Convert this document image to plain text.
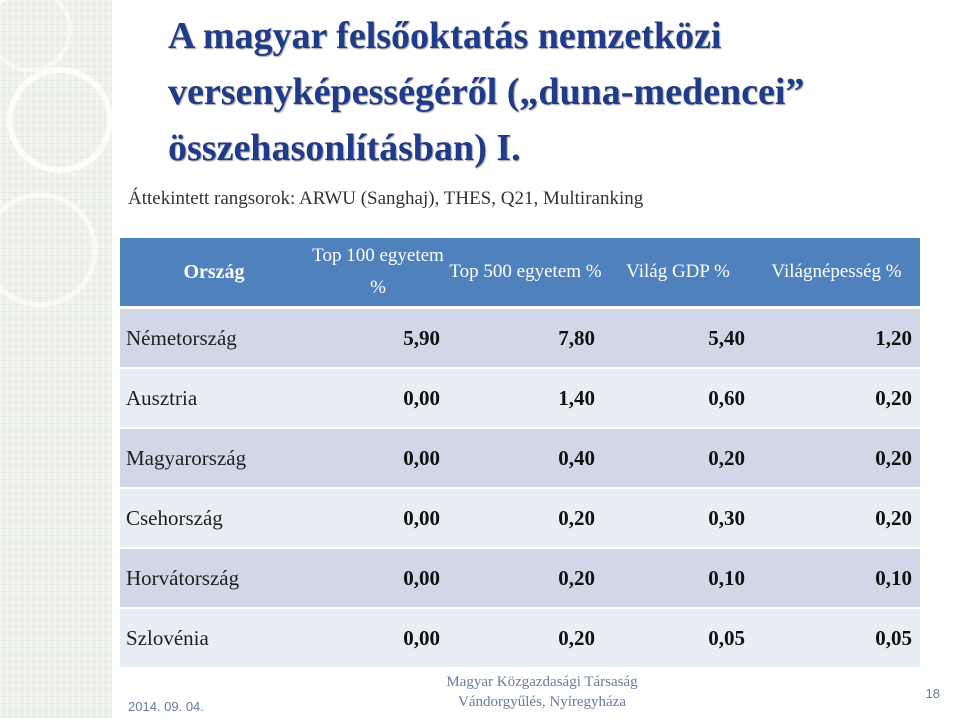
A magyar felsőoktatás nemzetközi versenyképességéről („duna-medencei” összehasonlításban) I.
Áttekintett rangsorok: ARWU (Sanghaj), THES, Q21, Multiranking
Ország	Top 100 egyetem %	Top 500 egyetem %	Világ GDP %	Világnépesség %
Németország	5,90	7,80	5,40	1,20
Ausztria	0,00	1,40	0,60	0,20
Magyarország	0,00	0,40	0,20	0,20
Csehország	0,00	0,20	0,30	0,20
Horvátország	0,00	0,20	0,10	0,10
Szlovénia	0,00	0,20	0,05	0,05
2014. 09. 04.
Magyar Közgazdasági Társaság
Vándorgyűlés, Nyíregyháza
18
